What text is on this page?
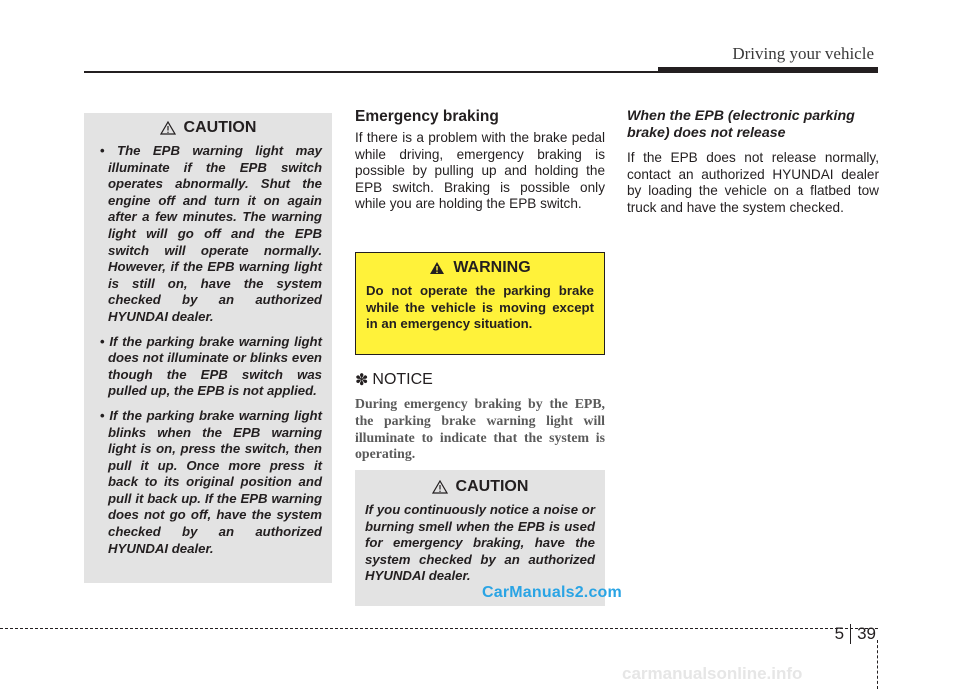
Driving your vehicle
CAUTION
• The EPB warning light may illuminate if the EPB switch operates abnormally. Shut the engine off and turn it on again after a few minutes. The warning light will go off and the EPB switch will operate normally. However, if the EPB warning light is still on, have the system checked by an authorized HYUNDAI dealer.
• If the parking brake warning light does not illuminate or blinks even though the EPB switch was pulled up, the EPB is not applied.
• If the parking brake warning light blinks when the EPB warning light is on, press the switch, then pull it up. Once more press it back to its original position and pull it back up. If the EPB warning does not go off, have the system checked by an authorized HYUNDAI dealer.
Emergency braking

If there is a problem with the brake pedal while driving, emergency braking is possible by pulling up and holding the EPB switch. Braking is possible only while you are holding the EPB switch.

WARNING

Do not operate the parking brake while the vehicle is moving except in an emergency situation.

✽ NOTICE

During emergency braking by the EPB, the parking brake warning light will illuminate to indicate that the system is operating.

CAUTION

If you continuously notice a noise or burning smell when the EPB is used for emergency braking, have the system checked by an authorized HYUNDAI dealer.

When the EPB (electronic parking brake) does not release

If the EPB does not release normally, contact an authorized HYUNDAI dealer by loading the vehicle on a flatbed tow truck and have the system checked.

CarManuals2.com
5 39
carmanualsonline.info
